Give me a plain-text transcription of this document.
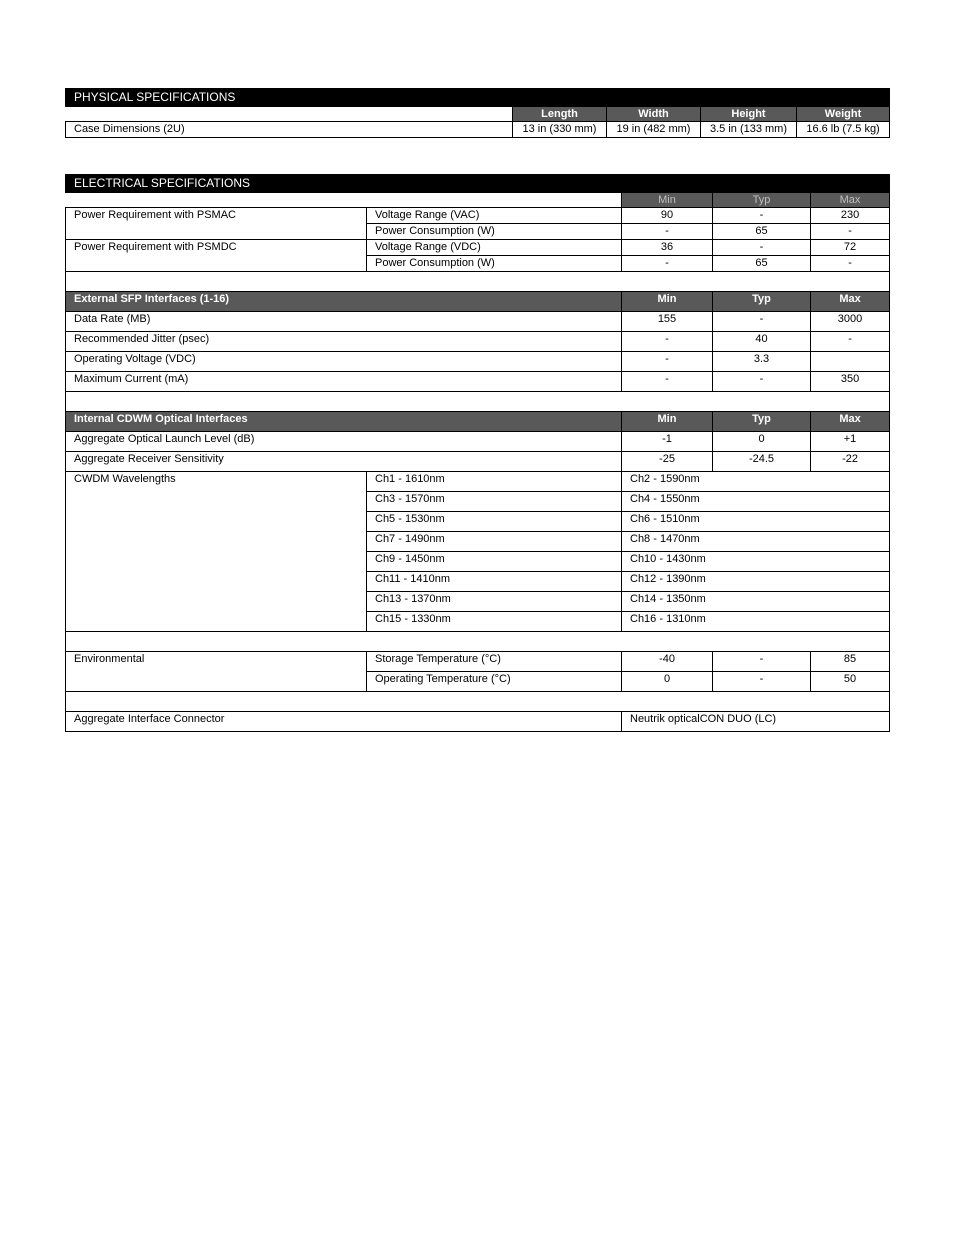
PHYSICAL SPECIFICATIONS				
	Length	Width	Height	Weight
Case Dimensions (2U)	13 in (330 mm)	19 in (482 mm)	3.5 in (133 mm)	16.6 lb (7.5 kg)
ELECTRICAL SPECIFICATIONS				
		Min	Typ	Max
Power Requirement with PSMAC	Voltage Range (VAC)	90	-	230
	Power Consumption (W)	-	65	-
Power Requirement with PSMDC	Voltage Range (VDC)	36	-	72
	Power Consumption (W)	-	65	-

External SFP Interfaces (1-16)		Min	Typ	Max
Data Rate (MB)		155	-	3000
Recommended Jitter (psec)		-	40	-
Operating Voltage (VDC)		-	3.3	
Maximum Current (mA)		-	-	350

Internal CDWM Optical Interfaces		Min	Typ	Max
Aggregate Optical Launch Level (dB)		-1	0	+1
Aggregate Receiver Sensitivity		-25	-24.5	-22
CWDM Wavelengths	Ch1 - 1610nm	Ch2 - 1590nm		
	Ch3 - 1570nm	Ch4 - 1550nm		
	Ch5 - 1530nm	Ch6 - 1510nm		
	Ch7 - 1490nm	Ch8 - 1470nm		
	Ch9 - 1450nm	Ch10 - 1430nm		
	Ch11 - 1410nm	Ch12 - 1390nm		
	Ch13 - 1370nm	Ch14 - 1350nm		
	Ch15 - 1330nm	Ch16 - 1310nm		

Environmental	Storage Temperature (°C)	-40	-	85
	Operating Temperature (°C)	0	-	50

Aggregate Interface Connector		Neutrik opticalCON DUO (LC)		
